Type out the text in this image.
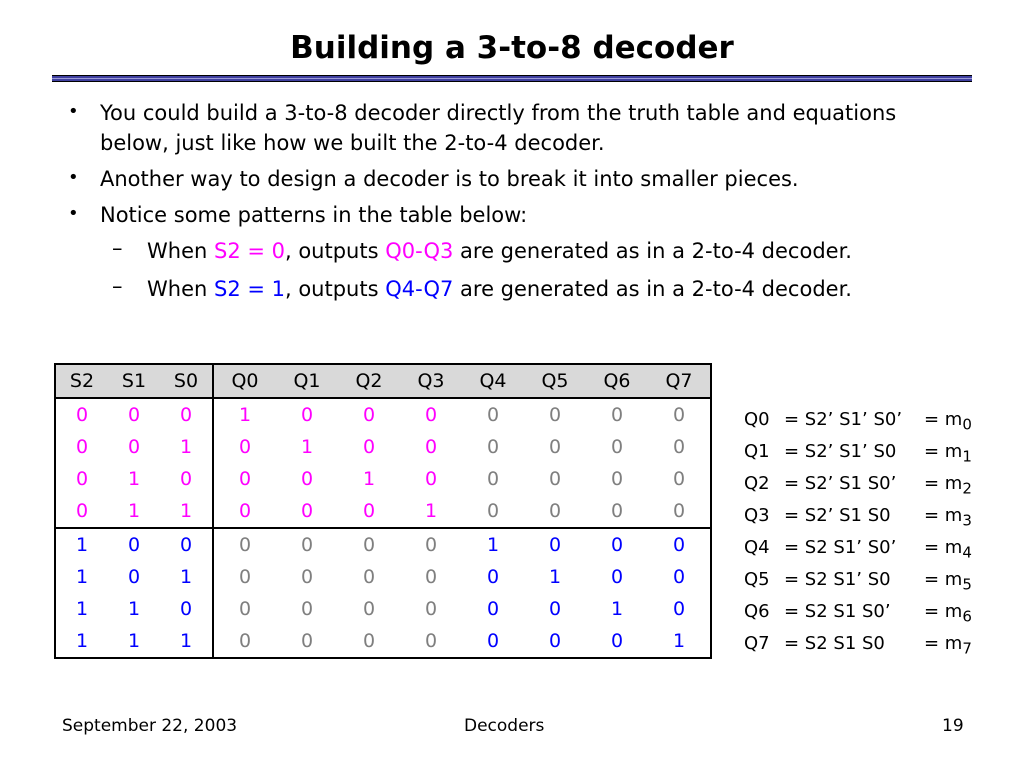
Building a 3-to-8 decoder
• You could build a 3-to-8 decoder directly from the truth table and equations below, just like how we built the 2-to-4 decoder.
• Another way to design a decoder is to break it into smaller pieces.
• Notice some patterns in the table below:
– When S2 = 0, outputs Q0-Q3 are generated as in a 2-to-4 decoder.
– When S2 = 1, outputs Q4-Q7 are generated as in a 2-to-4 decoder.
S2	S1	S0	Q0	Q1	Q2	Q3	Q4	Q5	Q6	Q7
0	0	0	1	0	0	0	0	0	0	0
0	0	1	0	1	0	0	0	0	0	0
0	1	0	0	0	1	0	0	0	0	0
0	1	1	0	0	0	1	0	0	0	0
1	0	0	0	0	0	0	1	0	0	0
1	0	1	0	0	0	0	0	1	0	0
1	1	0	0	0	0	0	0	0	1	0
1	1	1	0	0	0	0	0	0	0	1
Q0 = S2’ S1’ S0’ = $m_0$
Q1 = S2’ S1’ $S0 = m_1$
Q2 = S2’ S1 S0’ = $m_2$
Q3 = S2’ S1 $S0 = m_3$
Q4 = S2 S1’ S0’ = $m_4$
Q5 = S2 S1’ $S0 = m_5$
Q6 = S2 S1 S0’ = $m_6$
Q7 = S2 S1 $S0 = m_7$
September 22, 2003	Decoders	19
